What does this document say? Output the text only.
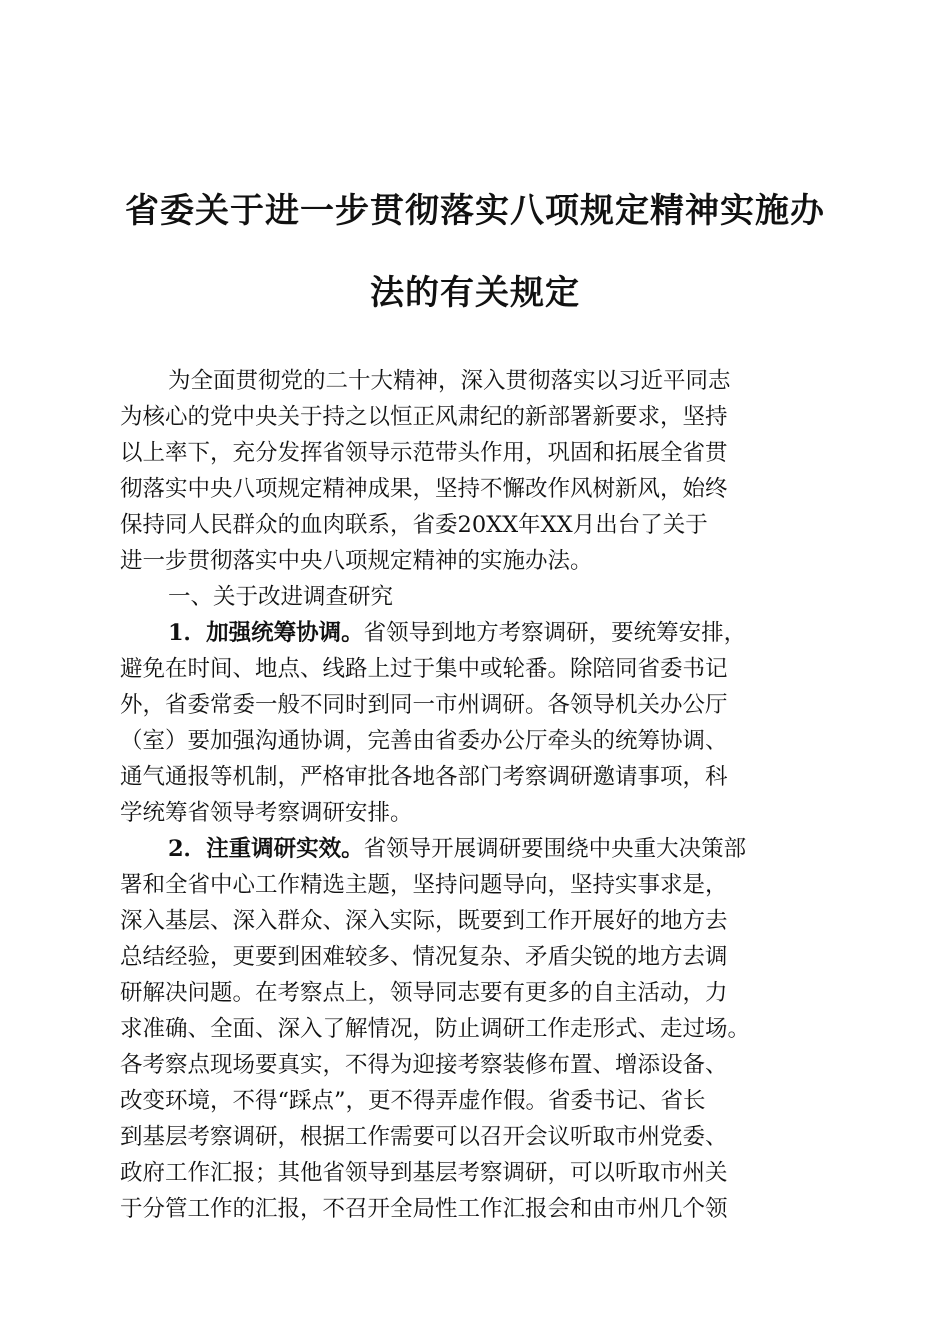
省委关于进一步贯彻落实八项规定精神实施办
法的有关规定
为全面贯彻党的二十大精神，深入贯彻落实以习近平同志
为核心的党中央关于持之以恒正风肃纪的新部署新要求，坚持
以上率下，充分发挥省领导示范带头作用，巩固和拓展全省贯
彻落实中央八项规定精神成果，坚持不懈改作风树新风，始终
保持同人民群众的血肉联系，省委20XX年XX月出台了关于
进一步贯彻落实中央八项规定精神的实施办法。
一、关于改进调查研究
1．加强统筹协调。省领导到地方考察调研，要统筹安排，
避免在时间、地点、线路上过于集中或轮番。除陪同省委书记
外，省委常委一般不同时到同一市州调研。各领导机关办公厅
（室）要加强沟通协调，完善由省委办公厅牵头的统筹协调、
通气通报等机制，严格审批各地各部门考察调研邀请事项，科
学统筹省领导考察调研安排。
2．注重调研实效。省领导开展调研要围绕中央重大决策部
署和全省中心工作精选主题，坚持问题导向，坚持实事求是，
深入基层、深入群众、深入实际，既要到工作开展好的地方去
总结经验，更要到困难较多、情况复杂、矛盾尖锐的地方去调
研解决问题。在考察点上，领导同志要有更多的自主活动，力
求准确、全面、深入了解情况，防止调研工作走形式、走过场。
各考察点现场要真实，不得为迎接考察装修布置、增添设备、
改变环境，不得“踩点”，更不得弄虚作假。省委书记、省长
到基层考察调研，根据工作需要可以召开会议听取市州党委、
政府工作汇报；其他省领导到基层考察调研，可以听取市州关
于分管工作的汇报，不召开全局性工作汇报会和由市州几个领
